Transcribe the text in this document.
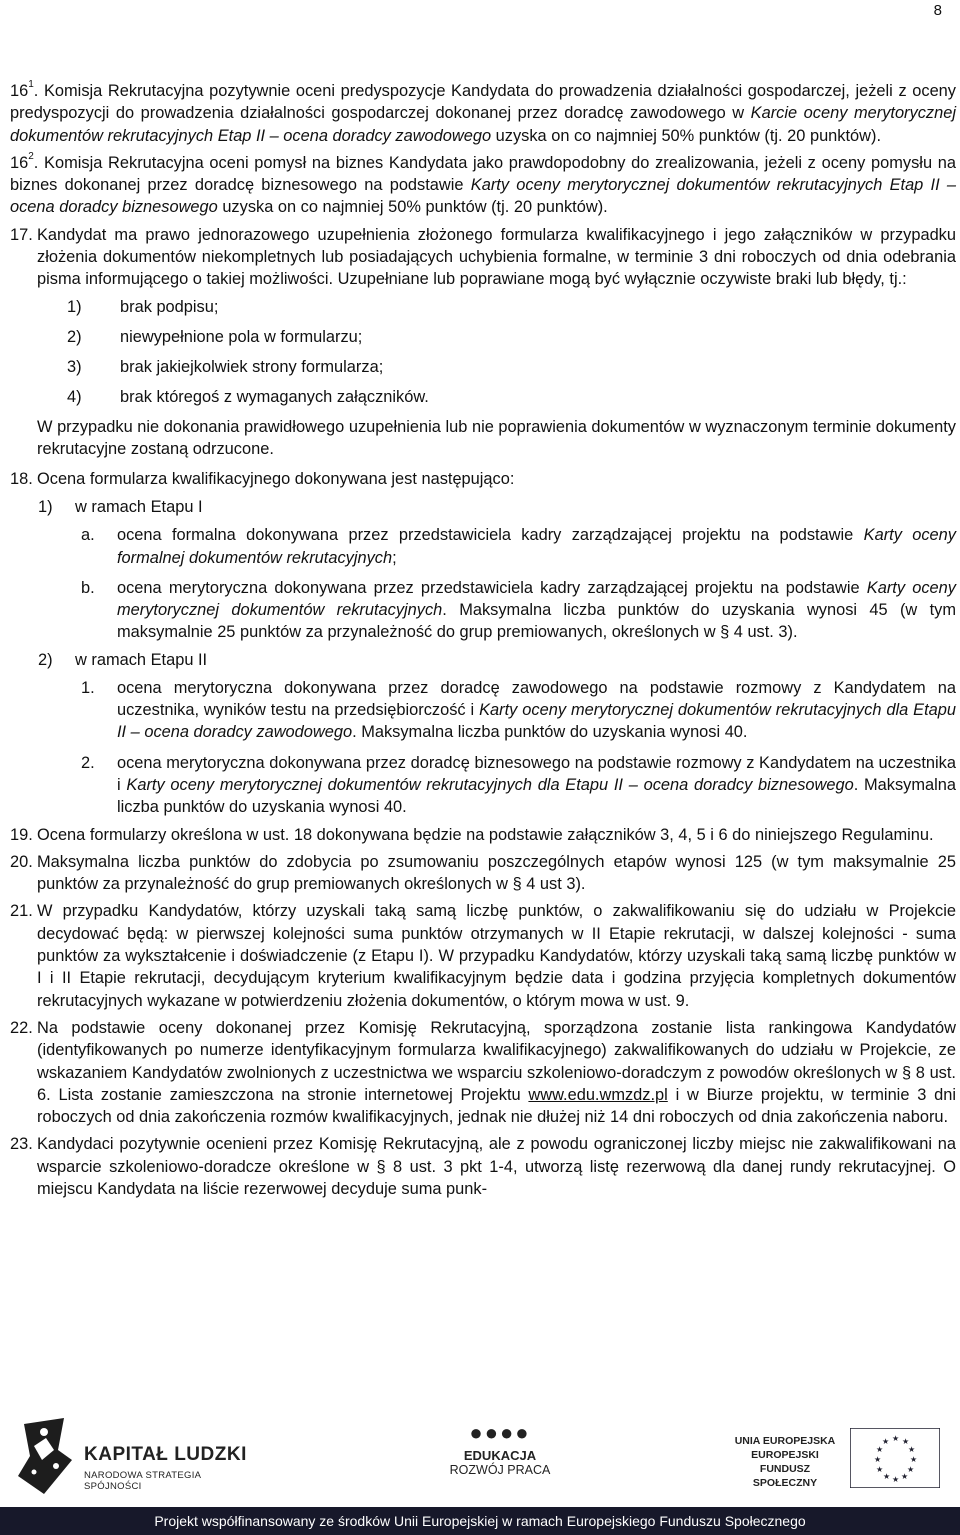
8

$16^1$. Komisja Rekrutacyjna pozytywnie oceni predyspozycje Kandydata do prowadzenia działalności gospodarczej, jeżeli z oceny predyspozycji do prowadzenia działalności gospodarczej dokonanej przez doradcę zawodowego w Karcie oceny merytorycznej dokumentów rekrutacyjnych Etap II – ocena doradcy zawodowego uzyska on co najmniej 50% punktów (tj. 20 punktów).

$16^2$. Komisja Rekrutacyjna oceni pomysł na biznes Kandydata jako prawdopodobny do zrealizowania, jeżeli z oceny pomysłu na biznes dokonanej przez doradcę biznesowego na podstawie Karty oceny merytorycznej dokumentów rekrutacyjnych Etap II – ocena doradcy biznesowego uzyska on co najmniej 50% punktów (tj. 20 punktów).

17. Kandydat ma prawo jednorazowego uzupełnienia złożonego formularza kwalifikacyjnego i jego załączników w przypadku złożenia dokumentów niekompletnych lub posiadających uchybienia formalne, w terminie 3 dni roboczych od dnia odebrania pisma informującego o takiej możliwości. Uzupełniane lub poprawiane mogą być wyłącznie oczywiste braki lub błędy, tj.:

1) brak podpisu;
2) niewypełnione pola w formularzu;
3) brak jakiejkolwiek strony formularza;
4) brak któregoś z wymaganych załączników.

W przypadku nie dokonania prawidłowego uzupełnienia lub nie poprawienia dokumentów w wyznaczonym terminie dokumenty rekrutacyjne zostaną odrzucone.

18. Ocena formularza kwalifikacyjnego dokonywana jest następująco:

1) w ramach Etapu I

a. ocena formalna dokonywana przez przedstawiciela kadry zarządzającej projektu na podstawie Karty oceny formalnej dokumentów rekrutacyjnych;

b. ocena merytoryczna dokonywana przez przedstawiciela kadry zarządzającej projektu na podstawie Karty oceny merytorycznej dokumentów rekrutacyjnych. Maksymalna liczba punktów do uzyskania wynosi 45 (w tym maksymalnie 25 punktów za przynależność do grup premiowanych, określonych w § 4 ust. 3).

2) w ramach Etapu II

1. ocena merytoryczna dokonywana przez doradcę zawodowego na podstawie rozmowy z Kandydatem na uczestnika, wyników testu na przedsiębiorczość i Karty oceny merytorycznej dokumentów rekrutacyjnych dla Etapu II – ocena doradcy zawodowego. Maksymalna liczba punktów do uzyskania wynosi 40.

2. ocena merytoryczna dokonywana przez doradcę biznesowego na podstawie rozmowy z Kandydatem na uczestnika i Karty oceny merytorycznej dokumentów rekrutacyjnych dla Etapu II – ocena doradcy biznesowego. Maksymalna liczba punktów do uzyskania wynosi 40.

19. Ocena formularzy określona w ust. 18 dokonywana będzie na podstawie załączników 3, 4, 5 i 6 do niniejszego Regulaminu.

20. Maksymalna liczba punktów do zdobycia po zsumowaniu poszczególnych etapów wynosi 125 (w tym maksymalnie 25 punktów za przynależność do grup premiowanych określonych w § 4 ust 3).

21. W przypadku Kandydatów, którzy uzyskali taką samą liczbę punktów, o zakwalifikowaniu się do udziału w Projekcie decydować będą: w pierwszej kolejności suma punktów otrzymanych w II Etapie rekrutacji, w dalszej kolejności - suma punktów za wykształcenie i doświadczenie (z Etapu I). W przypadku Kandydatów, którzy uzyskali taką samą liczbę punktów w I i II Etapie rekrutacji, decydującym kryterium kwalifikacyjnym będzie data i godzina przyjęcia kompletnych dokumentów rekrutacyjnych wykazane w potwierdzeniu złożenia dokumentów, o którym mowa w ust. 9.

22. Na podstawie oceny dokonanej przez Komisję Rekrutacyjną, sporządzona zostanie lista rankingowa Kandydatów (identyfikowanych po numerze identyfikacyjnym formularza kwalifikacyjnego) zakwalifikowanych do udziału w Projekcie, ze wskazaniem Kandydatów zwolnionych z uczestnictwa we wsparciu szkoleniowo-doradczym z powodów określonych w § 8 ust. 6. Lista zostanie zamieszczona na stronie internetowej Projektu www.edu.wmzdz.pl i w Biurze projektu, w terminie 3 dni roboczych od dnia zakończenia rozmów kwalifikacyjnych, jednak nie dłużej niż 14 dni roboczych od dnia zakończenia naboru.

23. Kandydaci pozytywnie ocenieni przez Komisję Rekrutacyjną, ale z powodu ograniczonej liczby miejsc nie zakwalifikowani na wsparcie szkoleniowo-doradcze określone w § 8 ust. 3 pkt 1-4, utworzą listę rezerwową dla danej rundy rekrutacyjnej. O miejscu Kandydata na liście rezerwowej decyduje suma punk-

KAPITAŁ LUDZKI
NARODOWA STRATEGIA SPÓJNOŚCI
●●●●
EDUKACJA
ROZWÓJ PRACA
UNIA EUROPEJSKA
EUROPEJSKI
FUNDUSZ SPOŁECZNY
★ ★
★
★
★
★
★
★
★
★
★
★
Projekt współfinansowany ze środków Unii Europejskiej w ramach Europejskiego Funduszu Społecznego
